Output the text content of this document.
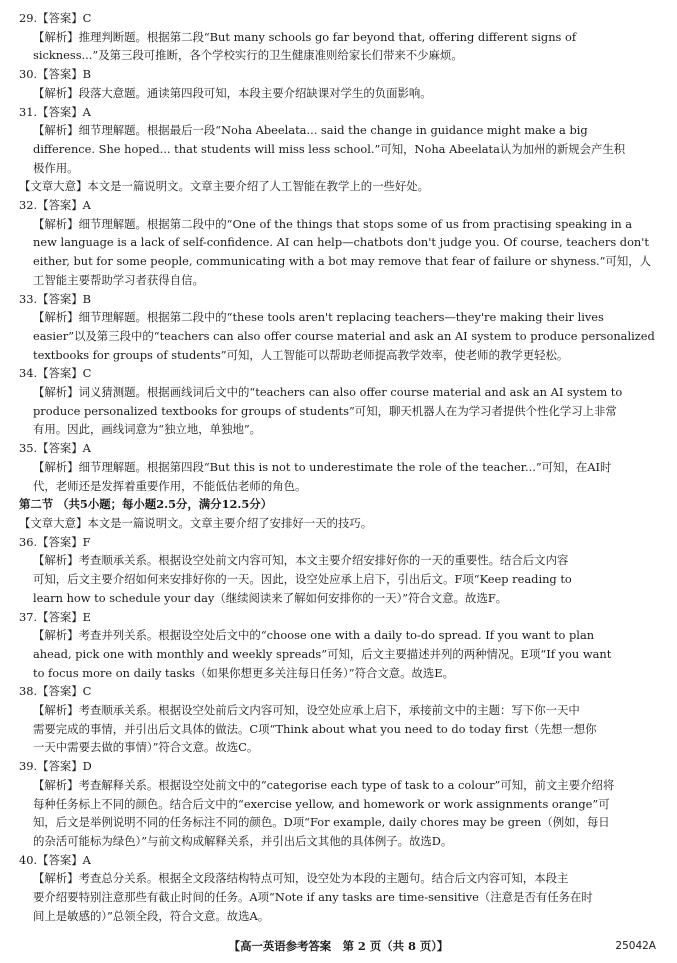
29.【答案】C
【解析】推理判断题。根据第二段“But many schools go far beyond that, offering different signs of
sickness...”及第三段可推断，各个学校实行的卫生健康准则给家长们带来不少麻烦。
30.【答案】B
【解析】段落大意题。通读第四段可知，本段主要介绍缺课对学生的负面影响。
31.【答案】A
【解析】细节理解题。根据最后一段“Noha Abeelata... said the change in guidance might make a big
difference. She hoped... that students will miss less school.”可知，Noha Abeelata认为加州的新规会产生积
极作用。
【文章大意】本文是一篇说明文。文章主要介绍了人工智能在教学上的一些好处。
32.【答案】A
【解析】细节理解题。根据第二段中的“One of the things that stops some of us from practising speaking in a
new language is a lack of self-confidence. AI can help—chatbots don't judge you. Of course, teachers don't
either, but for some people, communicating with a bot may remove that fear of failure or shyness.”可知，人
工智能主要帮助学习者获得自信。
33.【答案】B
【解析】细节理解题。根据第二段中的“these tools aren't replacing teachers—they're making their lives
easier”以及第三段中的“teachers can also offer course material and ask an AI system to produce personalized
textbooks for groups of students”可知，人工智能可以帮助老师提高教学效率，使老师的教学更轻松。
34.【答案】C
【解析】词义猜测题。根据画线词后文中的“teachers can also offer course material and ask an AI system to
produce personalized textbooks for groups of students”可知，聊天机器人在为学习者提供个性化学习上非常
有用。因此，画线词意为“独立地，单独地”。
35.【答案】A
【解析】细节理解题。根据第四段“But this is not to underestimate the role of the teacher...”可知，在AI时
代，老师还是发挥着重要作用，不能低估老师的角色。
第二节 （共5小题；每小题2.5分，满分12.5分）
【文章大意】本文是一篇说明文。文章主要介绍了安排好一天的技巧。
36.【答案】F
【解析】考查顺承关系。根据设空处前文内容可知，本文主要介绍安排好你的一天的重要性。结合后文内容
可知，后文主要介绍如何来安排好你的一天。因此，设空处应承上启下，引出后文。F项“Keep reading to
learn how to schedule your day（继续阅读来了解如何安排你的一天）”符合文意。故选F。
37.【答案】E
【解析】考查并列关系。根据设空处后文中的“choose one with a daily to-do spread. If you want to plan
ahead, pick one with monthly and weekly spreads”可知，后文主要描述并列的两种情况。E项“If you want
to focus more on daily tasks（如果你想更多关注每日任务）”符合文意。故选E。
38.【答案】C
【解析】考查顺承关系。根据设空处前后文内容可知，设空处应承上启下，承接前文中的主题：写下你一天中
需要完成的事情，并引出后文具体的做法。C项“Think about what you need to do today first（先想一想你
一天中需要去做的事情）”符合文意。故选C。
39.【答案】D
【解析】考查解释关系。根据设空处前文中的“categorise each type of task to a colour”可知，前文主要介绍将
每种任务标上不同的颜色。结合后文中的“exercise yellow, and homework or work assignments orange”可
知，后文是举例说明不同的任务标注不同的颜色。D项“For example, daily chores may be green（例如，每日
的杂活可能标为绿色）”与前文构成解释关系，并引出后文其他的具体例子。故选D。
40.【答案】A
【解析】考查总分关系。根据全文段落结构特点可知，设空处为本段的主题句。结合后文内容可知，本段主
要介绍要特别注意那些有截止时间的任务。A项“Note if any tasks are time-sensitive（注意是否有任务在时
间上是敏感的）”总领全段，符合文意。故选A。
【高一英语参考答案　第 2 页（共 8 页）】	25042A
